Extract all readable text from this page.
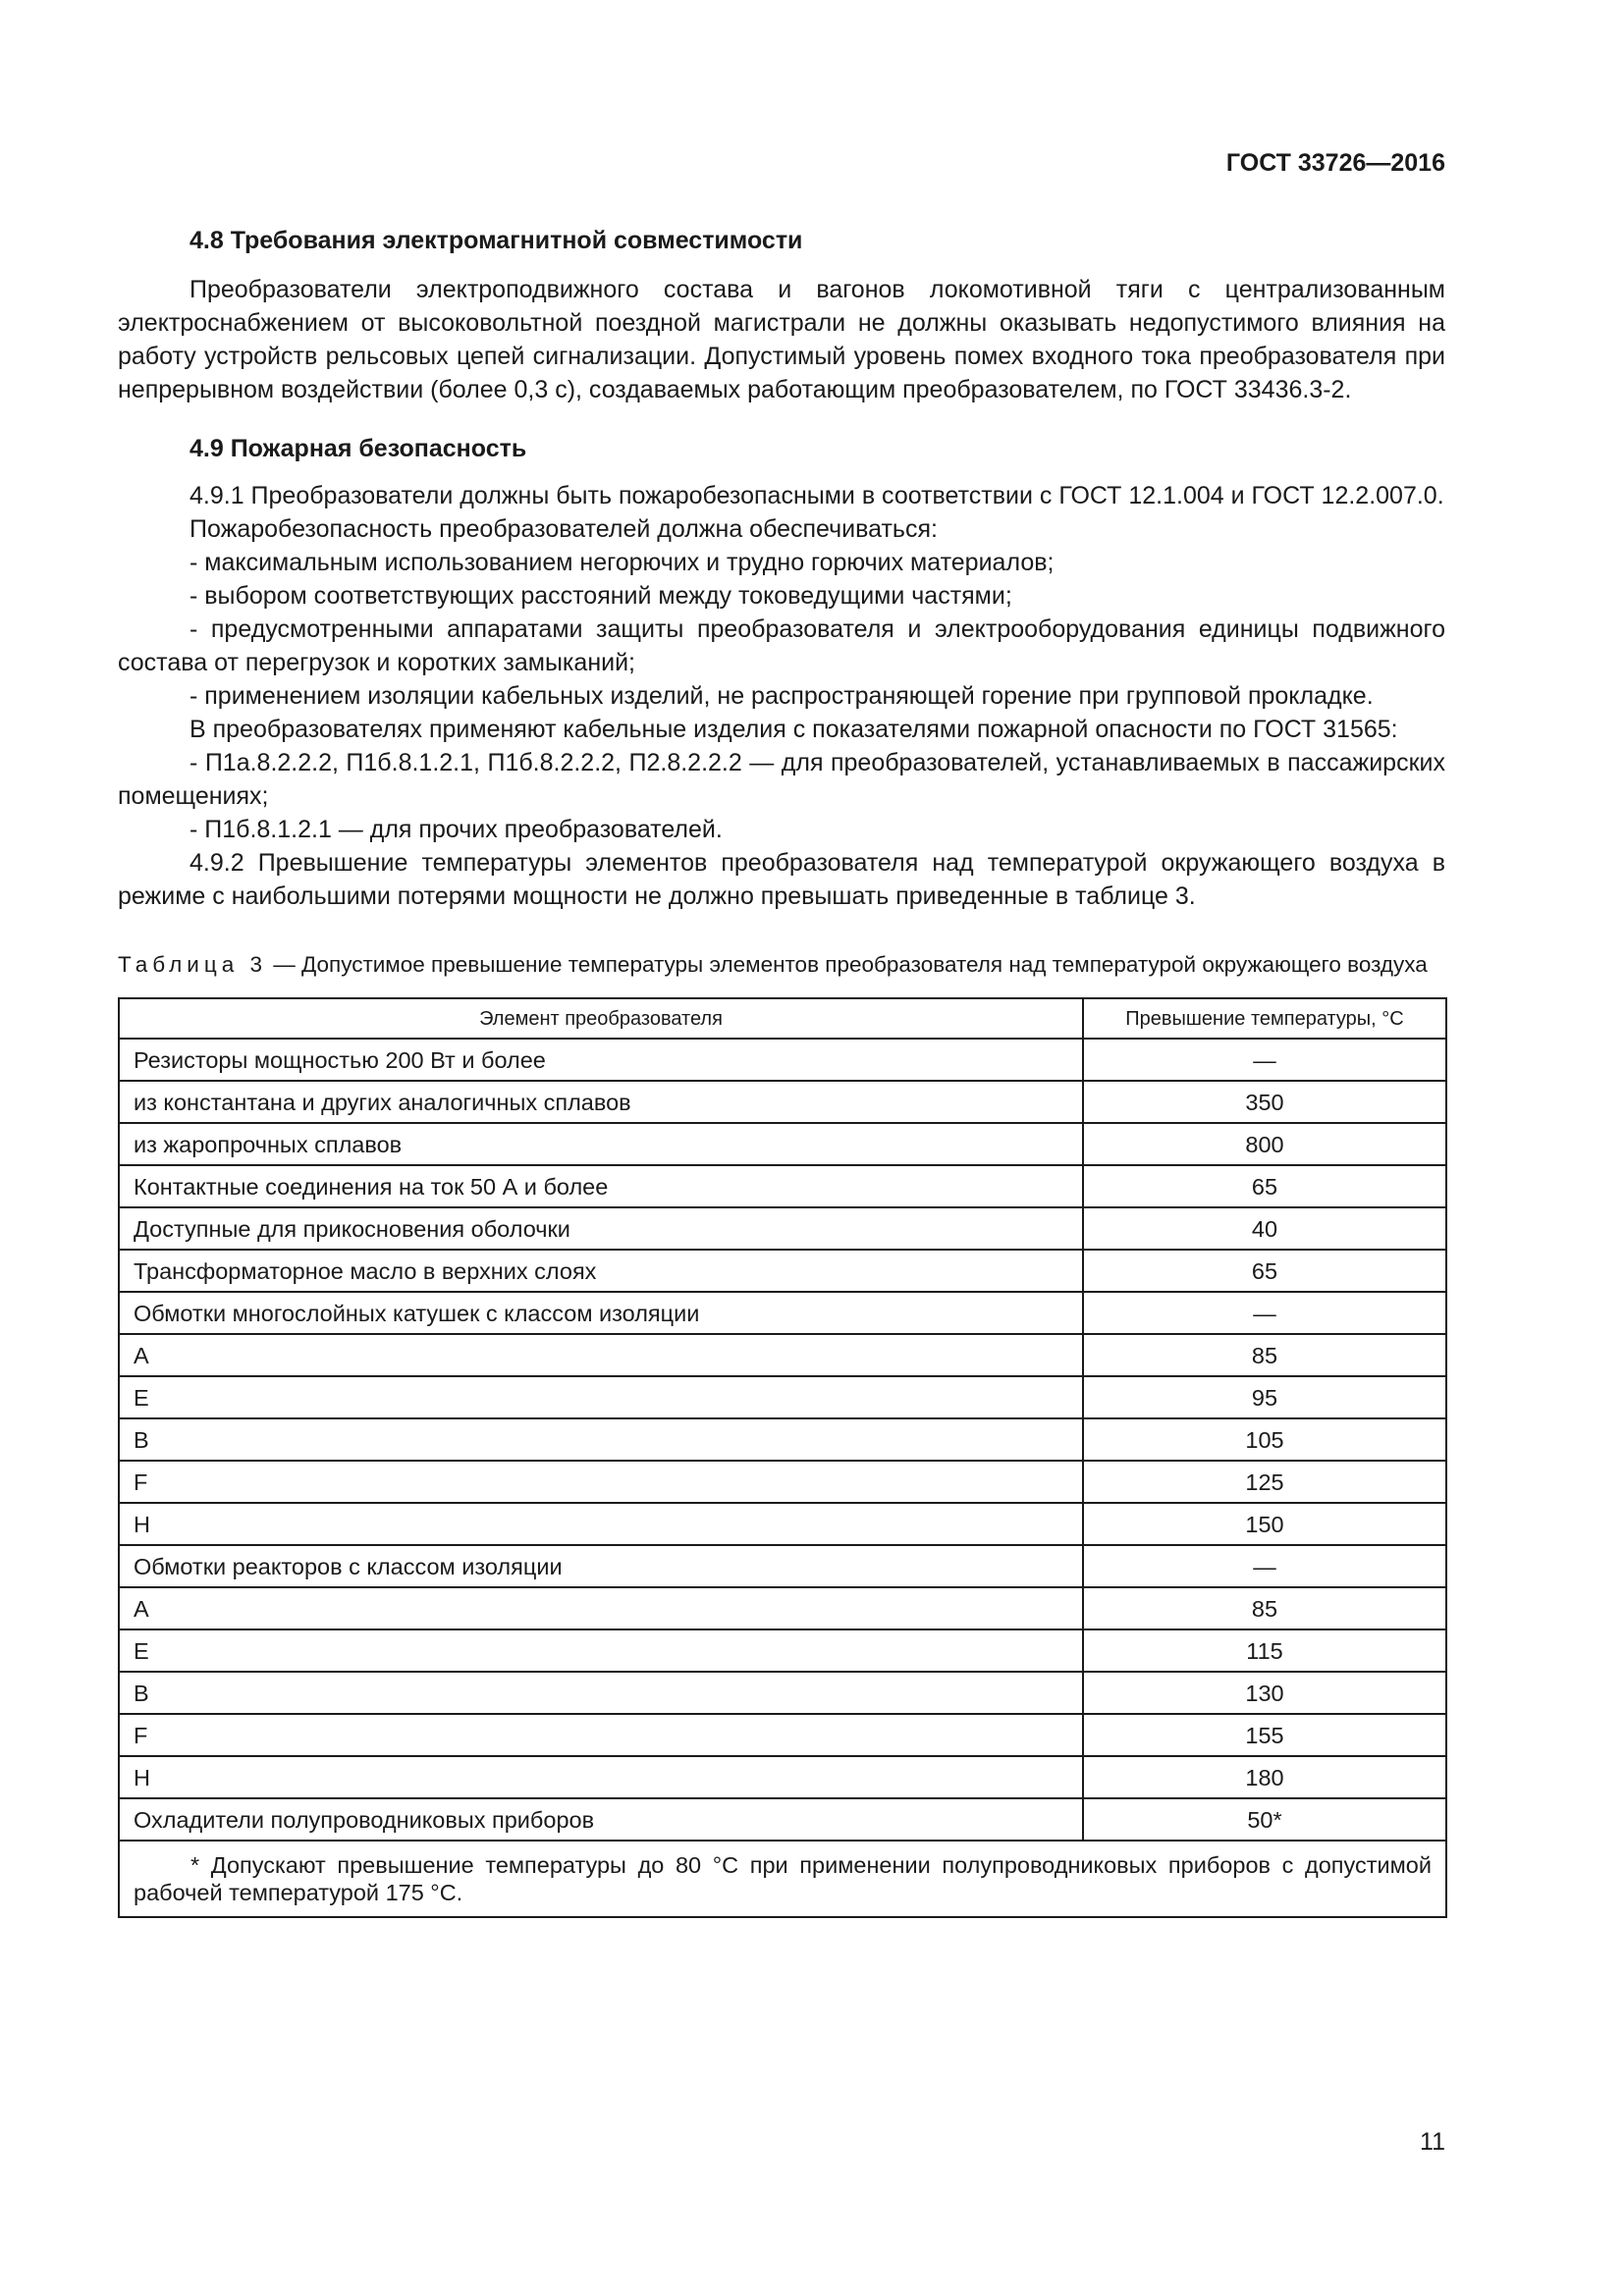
ГОСТ 33726—2016
4.8 Требования электромагнитной совместимости

Преобразователи электроподвижного состава и вагонов локомотивной тяги с централизованным электроснабжением от высоковольтной поездной магистрали не должны оказывать недопустимого влияния на работу устройств рельсовых цепей сигнализации. Допустимый уровень помех входного тока преобразователя при непрерывном воздействии (более 0,3 с), создаваемых работающим преобразователем, по ГОСТ 33436.3-2.

4.9 Пожарная безопасность

4.9.1 Преобразователи должны быть пожаробезопасными в соответствии с ГОСТ 12.1.004 и ГОСТ 12.2.007.0.

Пожаробезопасность преобразователей должна обеспечиваться:

- максимальным использованием негорючих и трудно горючих материалов;

- выбором соответствующих расстояний между токоведущими частями;

- предусмотренными аппаратами защиты преобразователя и электрооборудования единицы подвижного состава от перегрузок и коротких замыканий;

- применением изоляции кабельных изделий, не распространяющей горение при групповой прокладке.

В преобразователях применяют кабельные изделия с показателями пожарной опасности по ГОСТ 31565:

- П1а.8.2.2.2, П1б.8.1.2.1, П1б.8.2.2.2, П2.8.2.2.2 — для преобразователей, устанавливаемых в пассажирских помещениях;

- П1б.8.1.2.1 — для прочих преобразователей.

4.9.2 Превышение температуры элементов преобразователя над температурой окружающего воздуха в режиме с наибольшими потерями мощности не должно превышать приведенные в таблице 3.

Таблица 3 — Допустимое превышение температуры элементов преобразователя над температурой окружающего воздуха
Элемент преобразователя	Превышение температуры, °С
Резисторы мощностью 200 Вт и более	—
из константана и других аналогичных сплавов	350
из жаропрочных сплавов	800
Контактные соединения на ток 50 А и более	65
Доступные для прикосновения оболочки	40
Трансформаторное масло в верхних слоях	65
Обмотки многослойных катушек с классом изоляции	—
А	85
Е	95
В	105
F	125
Н	150
Обмотки реакторов с классом изоляции	—
А	85
Е	115
В	130
F	155
Н	180
Охладители полупроводниковых приборов	50*
* Допускают превышение температуры до 80 °С при применении полупроводниковых приборов с допустимой рабочей температурой 175 °С.	
11
